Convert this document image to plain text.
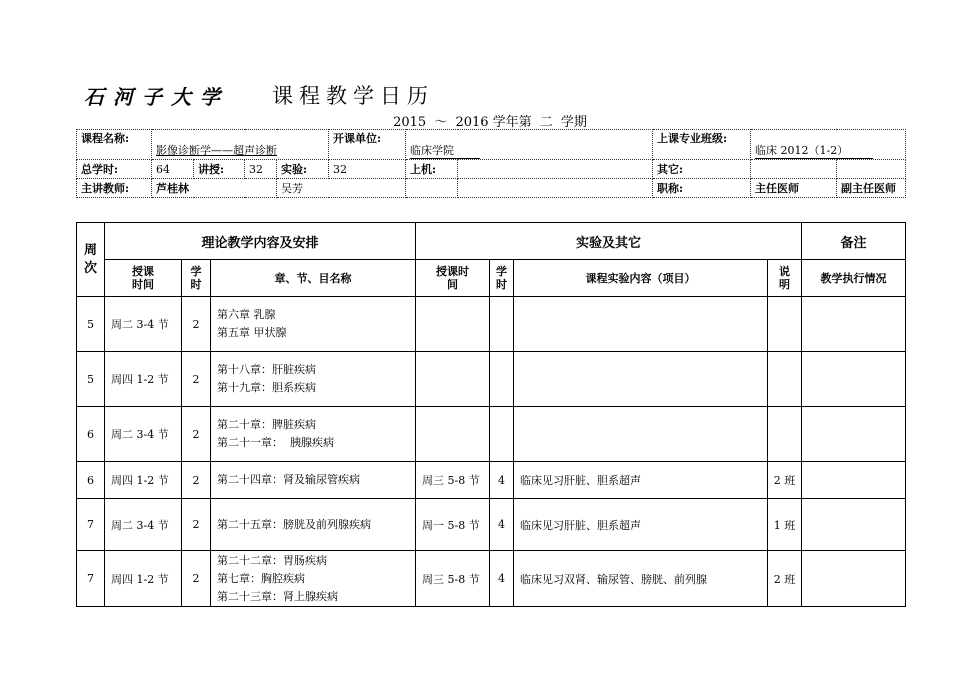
石河子大学 课程教学日历
2015 ～ 2016 学年第 二 学期
课程名称:	影像诊断学——超声诊断				开课单位:	临床学院		上课专业班级:	临床 2012（1-2）	
总学时:	64	讲授:	32	实验:	32	上机:		其它:		
主讲教师:	芦桂林			吴芳				职称:	主任医师	副主任医师
周次	理论教学内容及安排			实验及其它				备注
	授课时间	学时	章、节、目名称	授课时间	学时	课程实验内容（项目）	说明	教学执行情况
5	周二 3-4 节	2	第六章 乳腺
第五章 甲状腺					

5	周四 1-2 节	2	第十八章：肝脏疾病
第十九章：胆系疾病					

6	周二 3-4 节	2	第二十章：脾脏疾病
第二十一章：  胰腺疾病					

6	周四 1-2 节	2	第二十四章：肾及输尿管疾病	周三 5-8 节	4	临床见习肝脏、胆系超声	2 班	
7	周二 3-4 节	2	第二十五章：膀胱及前列腺疾病	周一 5-8 节	4	临床见习肝脏、胆系超声	1 班	
7	周四 1-2 节	2	第二十二章：胃肠疾病
第七章：胸腔疾病
第二十三章：肾上腺疾病	周三 5-8 节	4	临床见习双肾、输尿管、膀胱、前列腺	2 班	
